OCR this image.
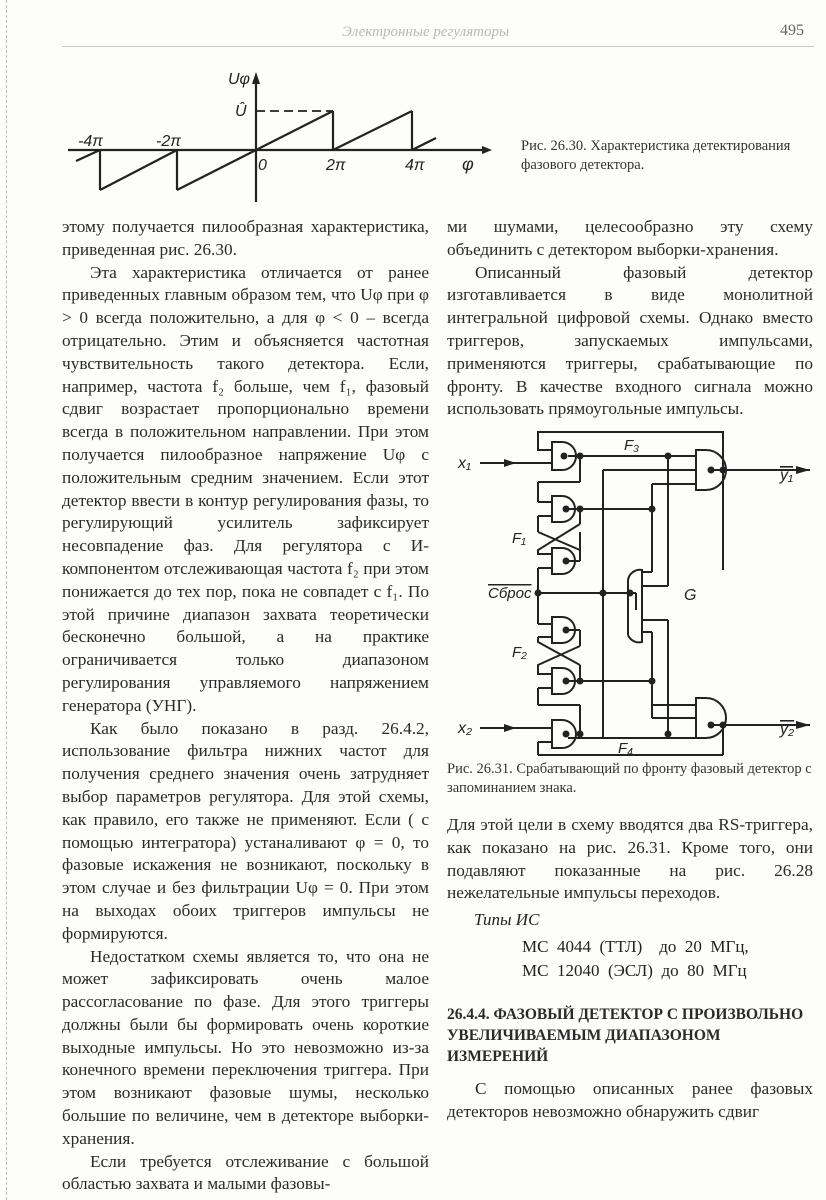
Электронные регуляторы	495
Uφ
Û
φ
-4π	-2π
0	2π	4π
Рис. 26.30. Характеристика детектирования фазового детектора.

этому получается пилообразная характеристика, приведенная рис. 26.30.

Эта характеристика отличается от ранее приведенных главным образом тем, что Uφ при φ > 0 всегда положительно, а для φ < 0 – всегда отрицательно. Этим и объясняется частотная чувствительность такого детектора. Если, например, частота f₂ больше, чем f₁, фазовый сдвиг возрастает пропорционально времени всегда в положительном направлении. При этом получается пилообразное напряжение Uφ с положительным средним значением. Если этот детектор ввести в контур регулирования фазы, то регулирующий усилитель зафиксирует несовпадение фаз. Для регулятора с И-компонентом отслеживающая частота f₂ при этом понижается до тех пор, пока не совпадет с f₁. По этой причине диапазон захвата теоретически бесконечно большой, а на практике ограничивается только диапазоном регулирования управляемого напряжением генератора (УНГ).

Как было показано в разд. 26.4.2, использование фильтра нижних частот для получения среднего значения очень затрудняет выбор параметров регулятора. Для этой схемы, как правило, его также не применяют. Если ( с помощью интегратора) устаналивают φ = 0, то фазовые искажения не возникают, поскольку в этом случае и без фильтрации Uφ = 0. При этом на выходах обоих триггеров импульсы не формируются.

Недостатком схемы является то, что она не может зафиксировать очень малое рассогласование по фазе. Для этого триггеры должны были бы формировать очень короткие выходные импульсы. Но это невозможно из-за конечного времени переключения триггера. При этом возникают фазовые шумы, несколько большие по величине, чем в детекторе выборки-хранения.

Если требуется отслеживание с большой областью захвата и малыми фазовы-

ми шумами, целесообразно эту схему объединить с детектором выборки-хранения.

Описанный фазовый детектор изготавливается в виде монолитной интегральной цифровой схемы. Однако вместо триггеров, запускаемых импульсами, применяются триггеры, срабатывающие по фронту. В качестве входного сигнала можно использовать прямоугольные импульсы.

x₁
x₂
y₁
y₂
F₃
F₁
F₂
F₄
G
Сброс
Рис. 26.31. Срабатывающий по фронту фазовый детектор с запоминанием знака.

Для этой цели в схему вводятся два RS-триггера, как показано на рис. 26.31. Кроме того, они подавляют показанные на рис. 26.28 нежелательные импульсы переходов.

Типы ИС
МС  4044  (ТТЛ)    до  20  МГц,
МС  12040  (ЭСЛ)  до  80  МГц
26.4.4. ФАЗОВЫЙ ДЕТЕКТОР С ПРОИЗВОЛЬНО УВЕЛИЧИВАЕМЫМ ДИАПАЗОНОМ ИЗМЕРЕНИЙ

С помощью описанных ранее фазовых детекторов невозможно обнаружить сдвиг
